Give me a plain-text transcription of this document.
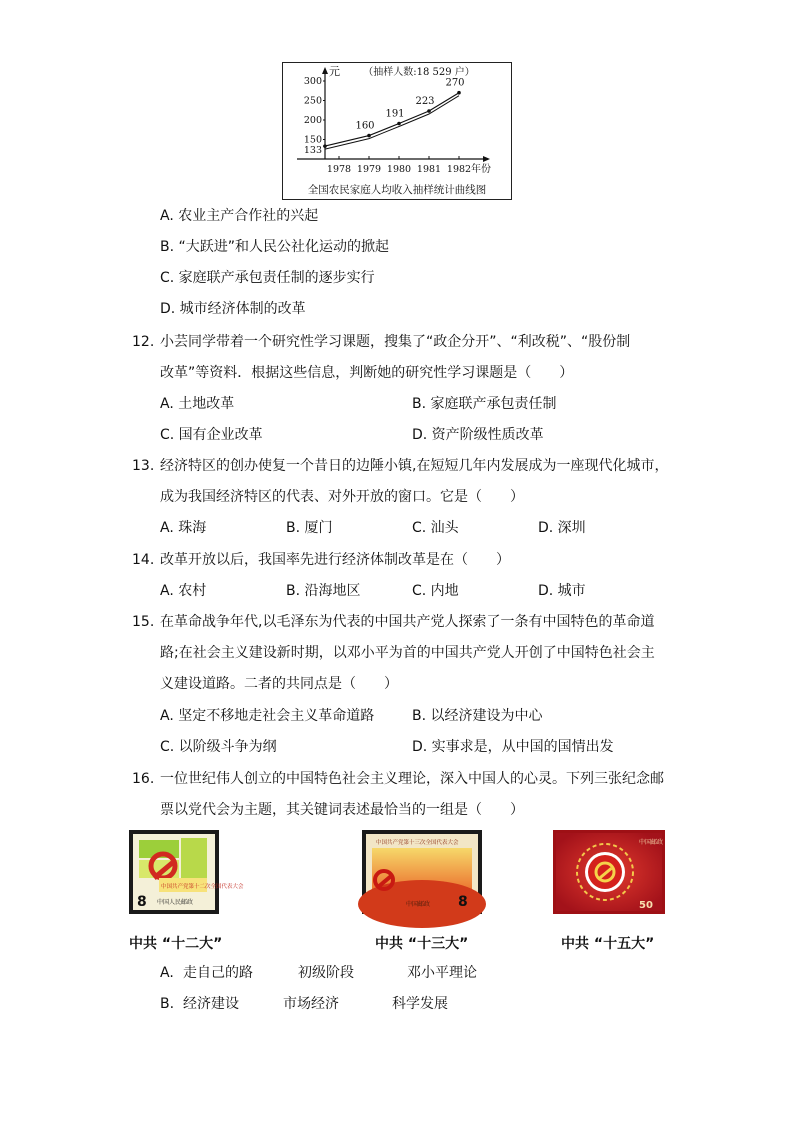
元 （抽样人数:18 529 户）
300
250
200
150
133
1978 1979 1980 1981 1982 年份
160
191
223
270
全国农民家庭人均收入抽样统计曲线图
A. 农业主产合作社的兴起
B. “大跃进”和人民公社化运动的掀起
C. 家庭联产承包责任制的逐步实行
D. 城市经济体制的改革
12. 小芸同学带着一个研究性学习课题，搜集了“政企分开”、“利改税”、“股份制
改革”等资料．根据这些信息，判断她的研究性学习课题是（　　）
A. 土地改革	B. 家庭联产承包责任制
C. 国有企业改革	D. 资产阶级性质改革
13. 经济特区的创办使复一个昔日的边陲小镇,在短短几年内发展成为一座现代化城市，
成为我国经济特区的代表、对外开放的窗口。它是（　　）
A. 珠海	B. 厦门	C. 汕头	D. 深圳
14. 改革开放以后，我国率先进行经济体制改革是在（　　）
A. 农村	B. 沿海地区	C. 内地	D. 城市
15. 在革命战争年代,以毛泽东为代表的中国共产党人探索了一条有中国特色的革命道
路;在社会主义建设新时期，以邓小平为首的中国共产党人开创了中国特色社会主
义建设道路。二者的共同点是（　　）
A. 坚定不移地走社会主义革命道路	B. 以经济建设为中心
C. 以阶级斗争为纲	D. 实事求是，从中国的国情出发
16. 一位世纪伟人创立的中国特色社会主义理论，深入中国人的心灵。下列三张纪念邮
票以党代会为主题，其关键词表述最恰当的一组是（　　）
中国共产党第十二次全国代表大会
中国人民邮政
8
中国共产党第十三次全国代表大会
中国邮政 8
中国邮政
50
中共 “十二大”	中共 “十三大”	中共 “十五大”
A. 走自己的路	初级阶段	邓小平理论
B. 经济建设	市场经济	科学发展
